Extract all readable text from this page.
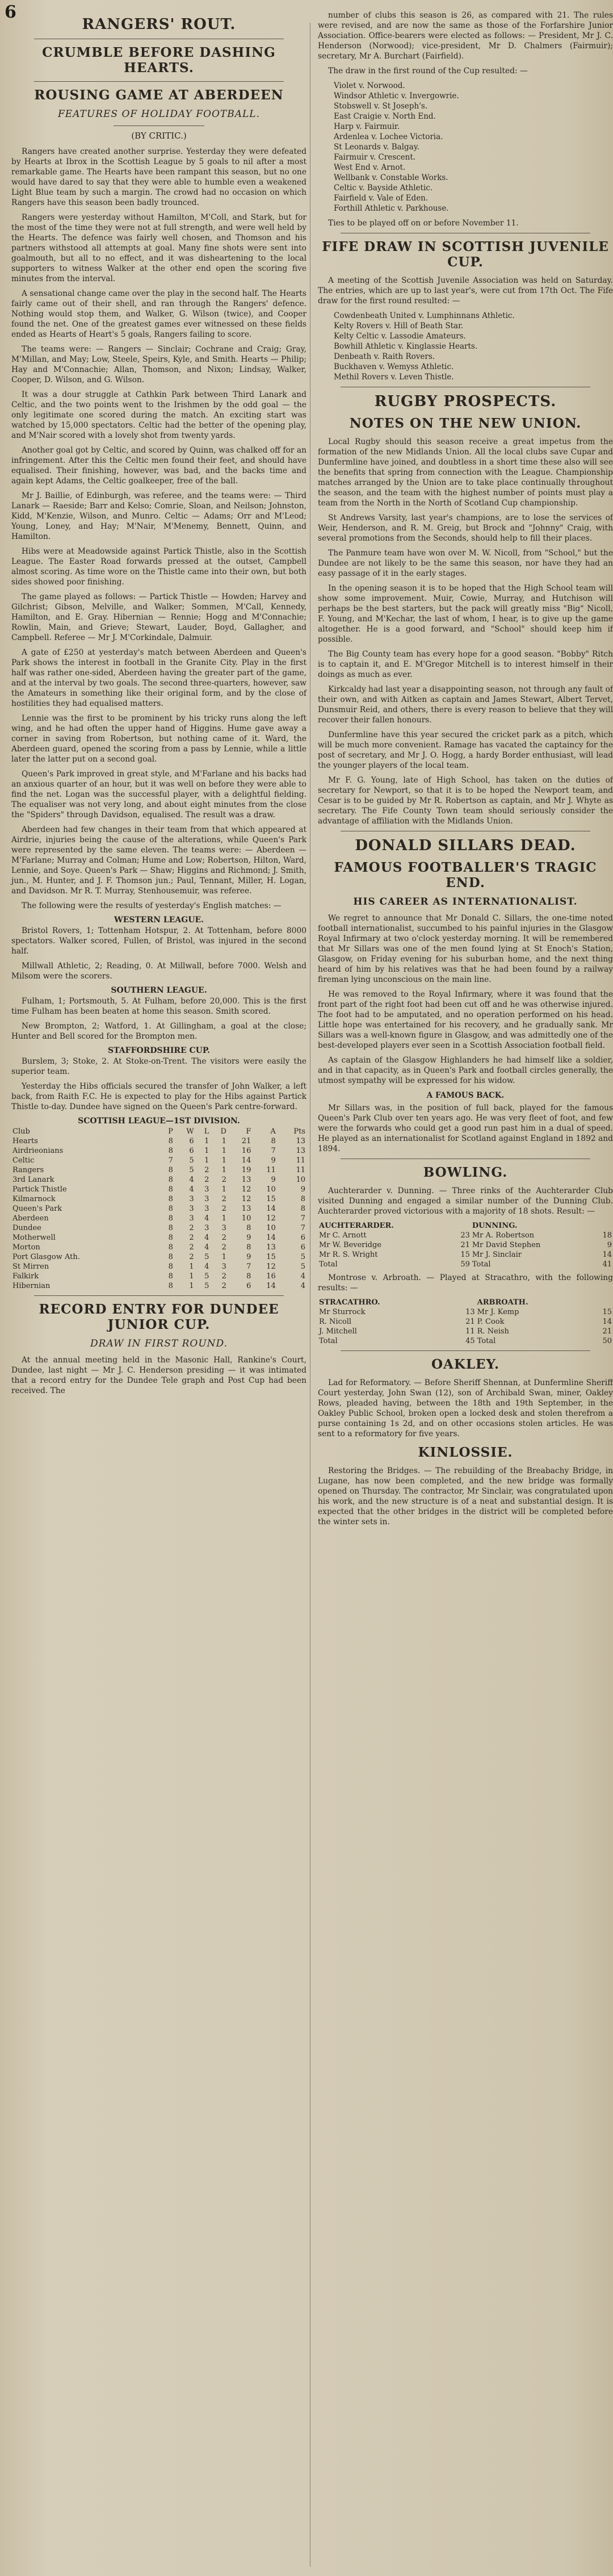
6
RANGERS' ROUT.
CRUMBLE BEFORE DASHING HEARTS.
ROUSING GAME AT ABERDEEN
FEATURES OF HOLIDAY FOOTBALL.
(BY CRITIC.)

Rangers have created another surprise. Yesterday they were defeated by Hearts at Ibrox in the Scottish League by 5 goals to nil after a most remarkable game. The Hearts have been rampant this season, but no one would have dared to say that they were able to humble even a weakened Light Blue team by such a margin. The crowd had no occasion on which Rangers have this season been badly trounced.

Rangers were yesterday without Hamilton, M'Coll, and Stark, but for the most of the time they were not at full strength, and were well held by the Hearts. The defence was fairly well chosen, and Thomson and his partners withstood all attempts at goal. Many fine shots were sent into goalmouth, but all to no effect, and it was disheartening to the local supporters to witness Walker at the other end open the scoring five minutes from the interval.

A sensational change came over the play in the second half. The Hearts fairly came out of their shell, and ran through the Rangers' defence. Nothing would stop them, and Walker, G. Wilson (twice), and Cooper found the net. One of the greatest games ever witnessed on these fields ended as Hearts of Heart's 5 goals, Rangers failing to score.

The teams were: — Rangers — Sinclair; Cochrane and Craig; Gray, M'Millan, and May; Low, Steele, Speirs, Kyle, and Smith. Hearts — Philip; Hay and M'Connachie; Allan, Thomson, and Nixon; Lindsay, Walker, Cooper, D. Wilson, and G. Wilson.

It was a dour struggle at Cathkin Park between Third Lanark and Celtic, and the two points went to the Irishmen by the odd goal — the only legitimate one scored during the match. An exciting start was watched by 15,000 spectators. Celtic had the better of the opening play, and M'Nair scored with a lovely shot from twenty yards.

Another goal got by Celtic, and scored by Quinn, was chalked off for an infringement. After this the Celtic men found their feet, and should have equalised. Their finishing, however, was bad, and the backs time and again kept Adams, the Celtic goalkeeper, free of the ball.

Mr J. Baillie, of Edinburgh, was referee, and the teams were: — Third Lanark — Raeside; Barr and Kelso; Comrie, Sloan, and Neilson; Johnston, Kidd, M'Kenzie, Wilson, and Munro. Celtic — Adams; Orr and M'Leod; Young, Loney, and Hay; M'Nair, M'Menemy, Bennett, Quinn, and Hamilton.

Hibs were at Meadowside against Partick Thistle, also in the Scottish League. The Easter Road forwards pressed at the outset, Campbell almost scoring. As time wore on the Thistle came into their own, but both sides showed poor finishing.

The game played as follows: — Partick Thistle — Howden; Harvey and Gilchrist; Gibson, Melville, and Walker; Sommen, M'Call, Kennedy, Hamilton, and E. Gray. Hibernian — Rennie; Hogg and M'Connachie; Rowlin, Main, and Grieve; Stewart, Lauder, Boyd, Gallagher, and Campbell. Referee — Mr J. M'Corkindale, Dalmuir.

A gate of £250 at yesterday's match between Aberdeen and Queen's Park shows the interest in football in the Granite City. Play in the first half was rather one-sided, Aberdeen having the greater part of the game, and at the interval by two goals. The second three-quarters, however, saw the Amateurs in something like their original form, and by the close of hostilities they had equalised matters.

Lennie was the first to be prominent by his tricky runs along the left wing, and he had often the upper hand of Higgins. Hume gave away a corner in saving from Robertson, but nothing came of it. Ward, the Aberdeen guard, opened the scoring from a pass by Lennie, while a little later the latter put on a second goal.

Queen's Park improved in great style, and M'Farlane and his backs had an anxious quarter of an hour, but it was well on before they were able to find the net. Logan was the successful player, with a delightful fielding. The equaliser was not very long, and about eight minutes from the close the "Spiders" through Davidson, equalised. The result was a draw.

Aberdeen had few changes in their team from that which appeared at Airdrie, injuries being the cause of the alterations, while Queen's Park were represented by the same eleven. The teams were: — Aberdeen — M'Farlane; Murray and Colman; Hume and Low; Robertson, Hilton, Ward, Lennie, and Soye. Queen's Park — Shaw; Higgins and Richmond; J. Smith, jun., M. Hunter, and J. F. Thomson jun.; Paul, Tennant, Miller, H. Logan, and Davidson. Mr R. T. Murray, Stenhousemuir, was referee.

The following were the results of yesterday's English matches: —

WESTERN LEAGUE.

Bristol Rovers, 1; Tottenham Hotspur, 2. At Tottenham, before 8000 spectators. Walker scored, Fullen, of Bristol, was injured in the second half.

Millwall Athletic, 2; Reading, 0. At Millwall, before 7000. Welsh and Milsom were the scorers.

SOUTHERN LEAGUE.

Fulham, 1; Portsmouth, 5. At Fulham, before 20,000. This is the first time Fulham has been beaten at home this season. Smith scored.

New Brompton, 2; Watford, 1. At Gillingham, a goal at the close; Hunter and Bell scored for the Brompton men.

STAFFORDSHIRE CUP.

Burslem, 3; Stoke, 2. At Stoke-on-Trent. The visitors were easily the superior team.

Yesterday the Hibs officials secured the transfer of John Walker, a left back, from Raith F.C. He is expected to play for the Hibs against Partick Thistle to-day. Dundee have signed on the Queen's Park centre-forward.

SCOTTISH LEAGUE—1ST DIVISION.
Club	P	W	L	D	F	A	Pts
Hearts	8	6	1	1	21	8	13
Airdrieonians	8	6	1	1	16	7	13
Celtic	7	5	1	1	14	9	11
Rangers	8	5	2	1	19	11	11
3rd Lanark	8	4	2	2	13	9	10
Partick Thistle	8	4	3	1	12	10	9
Kilmarnock	8	3	3	2	12	15	8
Queen's Park	8	3	3	2	13	14	8
Aberdeen	8	3	4	1	10	12	7
Dundee	8	2	3	3	8	10	7
Motherwell	8	2	4	2	9	14	6
Morton	8	2	4	2	8	13	6
Port Glasgow Ath.	8	2	5	1	9	15	5
St Mirren	8	1	4	3	7	12	5
Falkirk	8	1	5	2	8	16	4
Hibernian	8	1	5	2	6	14	4
RECORD ENTRY FOR DUNDEE JUNIOR CUP.
DRAW IN FIRST ROUND.

At the annual meeting held in the Masonic Hall, Rankine's Court, Dundee, last night — Mr J. C. Henderson presiding — it was intimated that a record entry for the Dundee Tele graph and Post Cup had been received. The

number of clubs this season is 26, as compared with 21. The rules were revised, and are now the same as those of the Forfarshire Junior Association. Office-bearers were elected as follows: — President, Mr J. C. Henderson (Norwood); vice-president, Mr D. Chalmers (Fairmuir); secretary, Mr A. Burchart (Fairfield).

The draw in the first round of the Cup resulted: —

Violet v. Norwood.
Windsor Athletic v. Invergowrie.
Stobswell v. St Joseph's.
East Craigie v. North End.
Harp v. Fairmuir.
Ardenlea v. Lochee Victoria.
St Leonards v. Balgay.
Fairmuir v. Crescent.
West End v. Arnot.
Wellbank v. Constable Works.
Celtic v. Bayside Athletic.
Fairfield v. Vale of Eden.
Forthill Athletic v. Parkhouse.

Ties to be played off on or before November 11.

FIFE DRAW IN SCOTTISH JUVENILE CUP.

A meeting of the Scottish Juvenile Association was held on Saturday. The entries, which are up to last year's, were cut from 17th Oct. The Fife draw for the first round resulted: —

Cowdenbeath United v. Lumphinnans Athletic.
Kelty Rovers v. Hill of Beath Star.
Kelty Celtic v. Lassodie Amateurs.
Bowhill Athletic v. Kinglassie Hearts.
Denbeath v. Raith Rovers.
Buckhaven v. Wemyss Athletic.
Methil Rovers v. Leven Thistle.
RUGBY PROSPECTS.
NOTES ON THE NEW UNION.

Local Rugby should this season receive a great impetus from the formation of the new Midlands Union. All the local clubs save Cupar and Dunfermline have joined, and doubtless in a short time these also will see the benefits that spring from connection with the League. Championship matches arranged by the Union are to take place continually throughout the season, and the team with the highest number of points must play a team from the North in the North of Scotland Cup championship.

St Andrews Varsity, last year's champions, are to lose the services of Weir, Henderson, and R. M. Greig, but Brock and "Johnny" Craig, with several promotions from the Seconds, should help to fill their places.

The Panmure team have won over M. W. Nicoll, from "School," but the Dundee are not likely to be the same this season, nor have they had an easy passage of it in the early stages.

In the opening season it is to be hoped that the High School team will show some improvement. Muir, Cowie, Murray, and Hutchison will perhaps be the best starters, but the pack will greatly miss "Big" Nicoll, F. Young, and M'Kechar, the last of whom, I hear, is to give up the game altogether. He is a good forward, and "School" should keep him if possible.

The Big County team has every hope for a good season. "Bobby" Ritch is to captain it, and E. M'Gregor Mitchell is to interest himself in their doings as much as ever.

Kirkcaldy had last year a disappointing season, not through any fault of their own, and with Aitken as captain and James Stewart, Albert Tervet, Dunsmuir Reid, and others, there is every reason to believe that they will recover their fallen honours.

Dunfermline have this year secured the cricket park as a pitch, which will be much more convenient. Ramage has vacated the captaincy for the post of secretary, and Mr J. O. Hogg, a hardy Border enthusiast, will lead the younger players of the local team.

Mr F. G. Young, late of High School, has taken on the duties of secretary for Newport, so that it is to be hoped the Newport team, and Cesar is to be guided by Mr R. Robertson as captain, and Mr J. Whyte as secretary. The Fife County Town team should seriously consider the advantage of affiliation with the Midlands Union.

DONALD SILLARS DEAD.
FAMOUS FOOTBALLER'S TRAGIC END.
HIS CAREER AS INTERNATIONALIST.

We regret to announce that Mr Donald C. Sillars, the one-time noted football internationalist, succumbed to his painful injuries in the Glasgow Royal Infirmary at two o'clock yesterday morning. It will be remembered that Mr Sillars was one of the men found lying at St Enoch's Station, Glasgow, on Friday evening for his suburban home, and the next thing heard of him by his relatives was that he had been found by a railway fireman lying unconscious on the main line.

He was removed to the Royal Infirmary, where it was found that the front part of the right foot had been cut off and he was otherwise injured. The foot had to be amputated, and no operation performed on his head. Little hope was entertained for his recovery, and he gradually sank. Mr Sillars was a well-known figure in Glasgow, and was admittedly one of the best-developed players ever seen in a Scottish Association football field.

As captain of the Glasgow Highlanders he had himself like a soldier, and in that capacity, as in Queen's Park and football circles generally, the utmost sympathy will be expressed for his widow.

A FAMOUS BACK.

Mr Sillars was, in the position of full back, played for the famous Queen's Park Club over ten years ago. He was very fleet of foot, and few were the forwards who could get a good run past him in a dual of speed. He played as an internationalist for Scotland against England in 1892 and 1894.

BOWLING.

Auchterarder v. Dunning. — Three rinks of the Auchterarder Club visited Dunning and engaged a similar number of the Dunning Club. Auchterarder proved victorious with a majority of 18 shots. Result: —

AUCHTERARDER.		DUNNING.	
Mr C. Arnott	23	Mr A. Robertson	18
Mr W. Beveridge	21	Mr David Stephen	9
Mr R. S. Wright	15	Mr J. Sinclair	14
Total	59	Total	41

Montrose v. Arbroath. — Played at Stracathro, with the following results: —

STRACATHRO.		ARBROATH.	
Mr Sturrock	13	Mr J. Kemp	15
R. Nicoll	21	P. Cook	14
J. Mitchell	11	R. Neish	21
Total	45	Total	50
OAKLEY.

Lad for Reformatory. — Before Sheriff Shennan, at Dunfermline Sheriff Court yesterday, John Swan (12), son of Archibald Swan, miner, Oakley Rows, pleaded having, between the 18th and 19th September, in the Oakley Public School, broken open a locked desk and stolen therefrom a purse containing 1s 2d, and on other occasions stolen articles. He was sent to a reformatory for five years.

KINLOSSIE.

Restoring the Bridges. — The rebuilding of the Breabachy Bridge, in Lugane, has now been completed, and the new bridge was formally opened on Thursday. The contractor, Mr Sinclair, was congratulated upon his work, and the new structure is of a neat and substantial design. It is expected that the other bridges in the district will be completed before the winter sets in.
